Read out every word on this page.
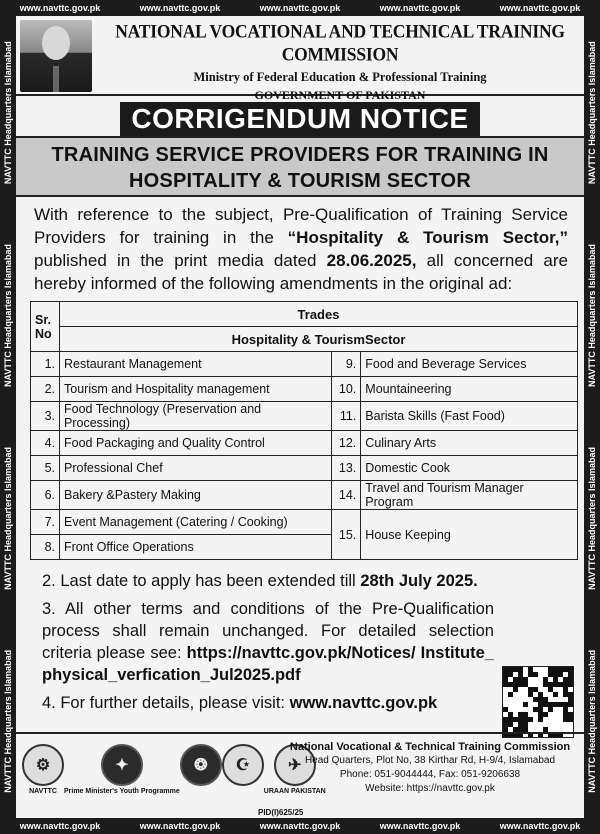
www.navttc.gov.pk	www.navttc.gov.pk	www.navttc.gov.pk	www.navttc.gov.pk	www.navttc.gov.pk
NAVTTC Headquarters Islamabad
NAVTTC Headquarters Islamabad
NAVTTC Headquarters Islamabad
NAVTTC Headquarters Islamabad
NAVTTC Headquarters Islamabad
NAVTTC Headquarters Islamabad
NAVTTC Headquarters Islamabad
NAVTTC Headquarters Islamabad
www.navttc.gov.pk	www.navttc.gov.pk	www.navttc.gov.pk	www.navttc.gov.pk	www.navttc.gov.pk
NATIONAL VOCATIONAL AND TECHNICAL TRAINING COMMISSION
Ministry of Federal Education & Professional Training
GOVERNMENT OF PAKISTAN
CORRIGENDUM NOTICE
TRAINING SERVICE PROVIDERS FOR TRAINING IN
HOSPITALITY & TOURISM SECTOR
With reference to the subject, Pre-Qualification of Training Service Providers for training in the “Hospitality & Tourism Sector,” published in the print media dated 28.06.2025, all concerned are hereby informed of the following amendments in the original ad:
Sr.
No	Trades		
	Hospitality & TourismSector		
1.	Restaurant Management	9.	Food and Beverage Services
2.	Tourism and Hospitality management	10.	Mountaineering
3.	Food Technology (Preservation and Processing)	11.	Barista Skills (Fast Food)
4.	Food Packaging and Quality Control	12.	Culinary Arts
5.	Professional Chef	13.	Domestic Cook
6.	Bakery &Pastery Making	14.	Travel and Tourism Manager Program
7.	Event Management (Catering / Cooking)	15.	House Keeping
8.	Front Office Operations		
2. Last date to apply has been extended till 28th July 2025.
3. All other terms and conditions of the Pre-Qualification process shall remain unchanged. For detailed selection criteria please see: https://navttc.gov.pk/Notices/ Institute_ physical_verfication_Jul2025.pdf
4. For further details, please visit: www.navttc.gov.pk
⚙
NAVTTC
✦
Prime Minister's Youth Programme
❂	☪	✈
URAAN PAKISTAN
PID(I)625/25
National Vocational & Technical Training Commission
Head Quarters, Plot No, 38 Kirthar Rd, H-9/4, Islamabad
Phone: 051-9044444, Fax: 051-9206638
Website: https://navttc.gov.pk
